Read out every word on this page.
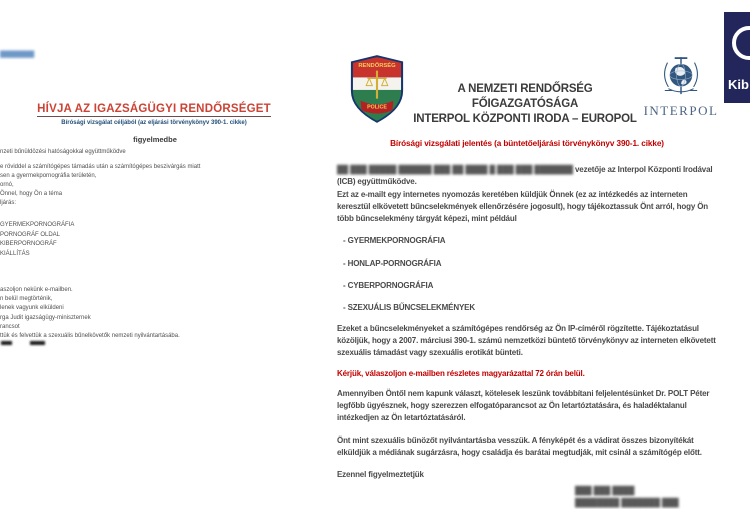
█████████
HÍVJA AZ IGAZSÁGÜGYI RENDŐRSÉGET
Bírósági vizsgálat céljából (az eljárási törvénykönyv 390-1. cikke)
figyelmedbe
nzeti bűnüldözési hatóságokkal együttműködve
e röviddel a számítógépes támadás után a számítógépes beszivárgás miatt
sen a gyermekpornográfia területén,
ornó,
Önnel, hogy Ön a téma
ljárás:
GYERMEKPORNOGRÁFIA
PORNOGRÁF OLDAL
KIBERPORNOGRÁF
KIÁLLÍTÁS
aszoljon nekünk e-mailben.
n belül megtörténik,
lenek vagyunk elküldeni
rga Judit igazságügy-miniszternek
rancsot
ttük és felvettük a szexuális bűnelkövetők nemzeti nyilvántartásába.
RENDŐRSÉG
POLICE
A NEMZETI RENDŐRSÉG FŐIGAZGATÓSÁGA
INTERPOL KÖZPONTI IRODA – EUROPOL
INTERPOL
Bírósági vizsgálati jelentés (a büntetőeljárási törvénykönyv 390-1. cikke)
██ ███ █████ ██████ ███ ██ ████ █ ███ ███ ███████ vezetője az Interpol Központi Irodával (ICB) együttműködve.
Ezt az e-mailt egy internetes nyomozás keretében küldjük Önnek (ez az intézkedés az interneten keresztül elkövetett bűncselekmények ellenőrzésére jogosult), hogy tájékoztassuk Önt arról, hogy Ön több bűncselekmény tárgyát képezi, mint például
- GYERMEKPORNOGRÁFIA
- HONLAP-PORNOGRÁFIA
- CYBERPORNOGRÁFIA
- SZEXUÁLIS BŰNCSELEKMÉNYEK
Ezeket a bűncselekményeket a számítógépes rendőrség az Ön IP-címéről rögzítette. Tájékoztatásul közöljük, hogy a 2007. márciusi 390-1. számú nemzetközi büntető törvénykönyv az interneten elkövetett szexuális támadást vagy szexuális erotikát bünteti.
Kérjük, válaszoljon e-mailben részletes magyarázattal 72 órán belül.
Amennyiben Öntől nem kapunk választ, kötelesek leszünk továbbítani feljelentésünket Dr. POLT Péter legfőbb ügyésznek, hogy szerezzen elfogatóparancsot az Ön letartóztatására, és haladéktalanul intézkedjen az Ön letartóztatásáról.
Önt mint szexuális bűnözőt nyilvántartásba vesszük. A fényképét és a vádirat összes bizonyítékát elküldjük a médiának sugárzásra, hogy családja és barátai megtudják, mit csinál a számítógép előtt.
Ezennel figyelmeztetjük
███ ███ ████
████████ ███████ ███
Kib
